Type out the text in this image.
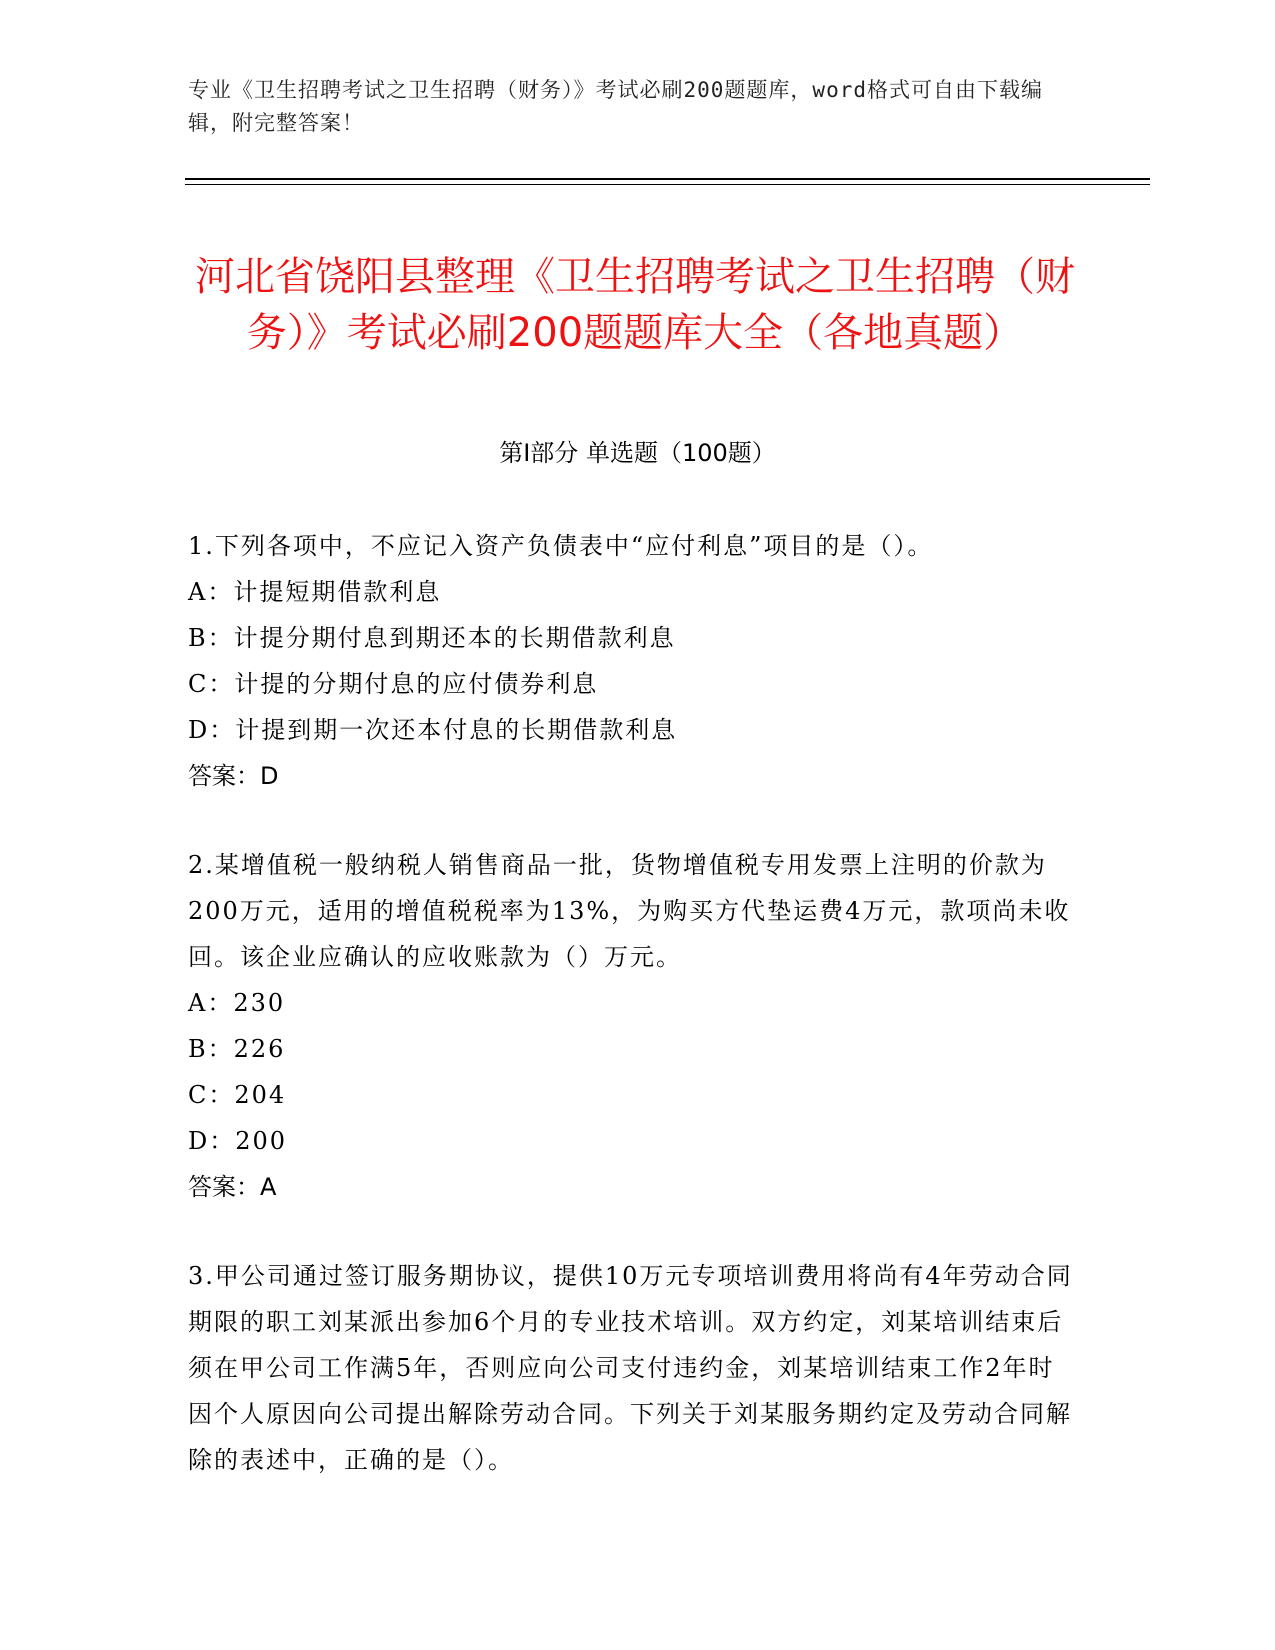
专业《卫生招聘考试之卫生招聘（财务）》考试必刷200题题库，word格式可自由下载编辑，附完整答案！
河北省饶阳县整理《卫生招聘考试之卫生招聘（财务）》考试必刷200题题库大全（各地真题）
第I部分 单选题（100题）

1.下列各项中，不应记入资产负债表中“应付利息”项目的是（）。

A：计提短期借款利息

B：计提分期付息到期还本的长期借款利息

C：计提的分期付息的应付债券利息

D：计提到期一次还本付息的长期借款利息

答案：D

2.某增值税一般纳税人销售商品一批，货物增值税专用发票上注明的价款为200万元，适用的增值税税率为13%，为购买方代垫运费4万元，款项尚未收回。该企业应确认的应收账款为（）万元。

A：230

B：226

C：204

D：200

答案：A

3.甲公司通过签订服务期协议，提供10万元专项培训费用将尚有4年劳动合同期限的职工刘某派出参加6个月的专业技术培训。双方约定，刘某培训结束后须在甲公司工作满5年，否则应向公司支付违约金，刘某培训结束工作2年时因个人原因向公司提出解除劳动合同。下列关于刘某服务期约定及劳动合同解除的表述中，正确的是（）。
